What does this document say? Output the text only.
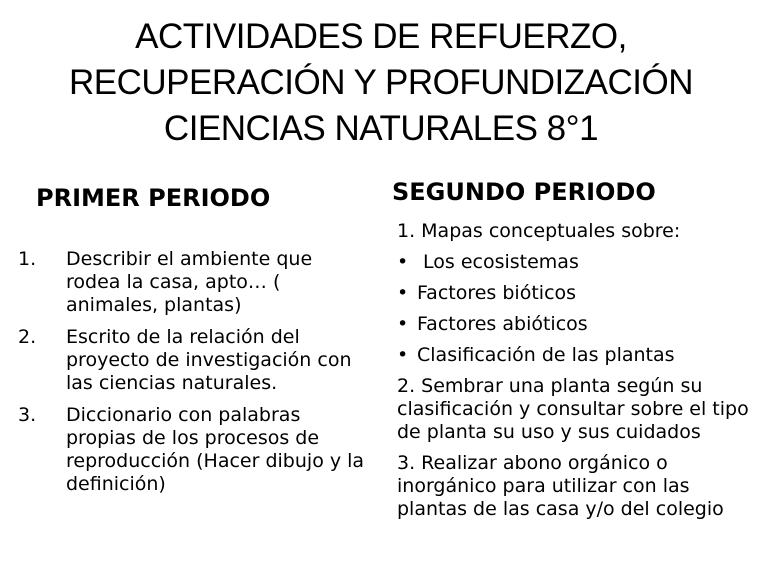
ACTIVIDADES DE REFUERZO,
RECUPERACIÓN Y PROFUNDIZACIÓN
CIENCIAS NATURALES 8°1
PRIMER PERIODO
1. Describir el ambiente que rodea la casa, apto… ( animales, plantas)
2. Escrito de la relación del proyecto de investigación con las ciencias naturales.
3. Diccionario con palabras propias de los procesos de reproducción (Hacer dibujo y la definición)
SEGUNDO PERIODO
1. Mapas conceptuales sobre:
• Los ecosistemas
• Factores bióticos
• Factores abióticos
• Clasificación de las plantas
2. Sembrar una planta según su clasificación y consultar sobre el tipo de planta su uso y sus cuidados
3. Realizar abono orgánico o inorgánico para utilizar con las plantas de las casa y/o del colegio
